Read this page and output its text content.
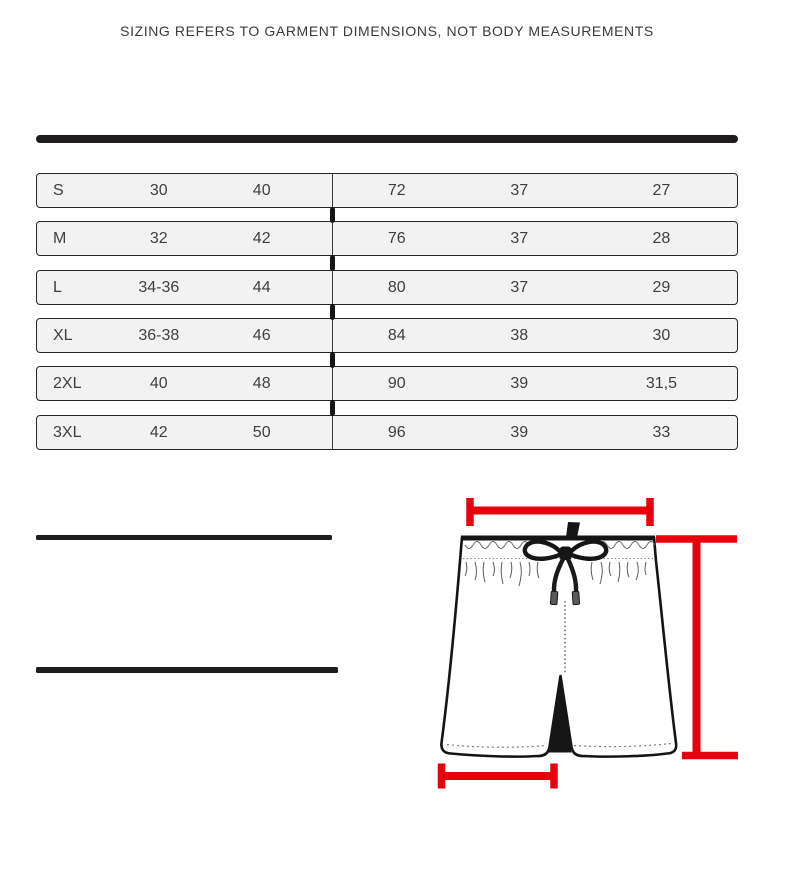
SIZING REFERS TO GARMENT DIMENSIONS, NOT BODY MEASUREMENTS
S	30	40	72	37	27
M	32	42	76	37	28
L	34-36	44	80	37	29
XL	36-38	46	84	38	30
2XL	40	48	90	39	31,5
3XL	42	50	96	39	33
